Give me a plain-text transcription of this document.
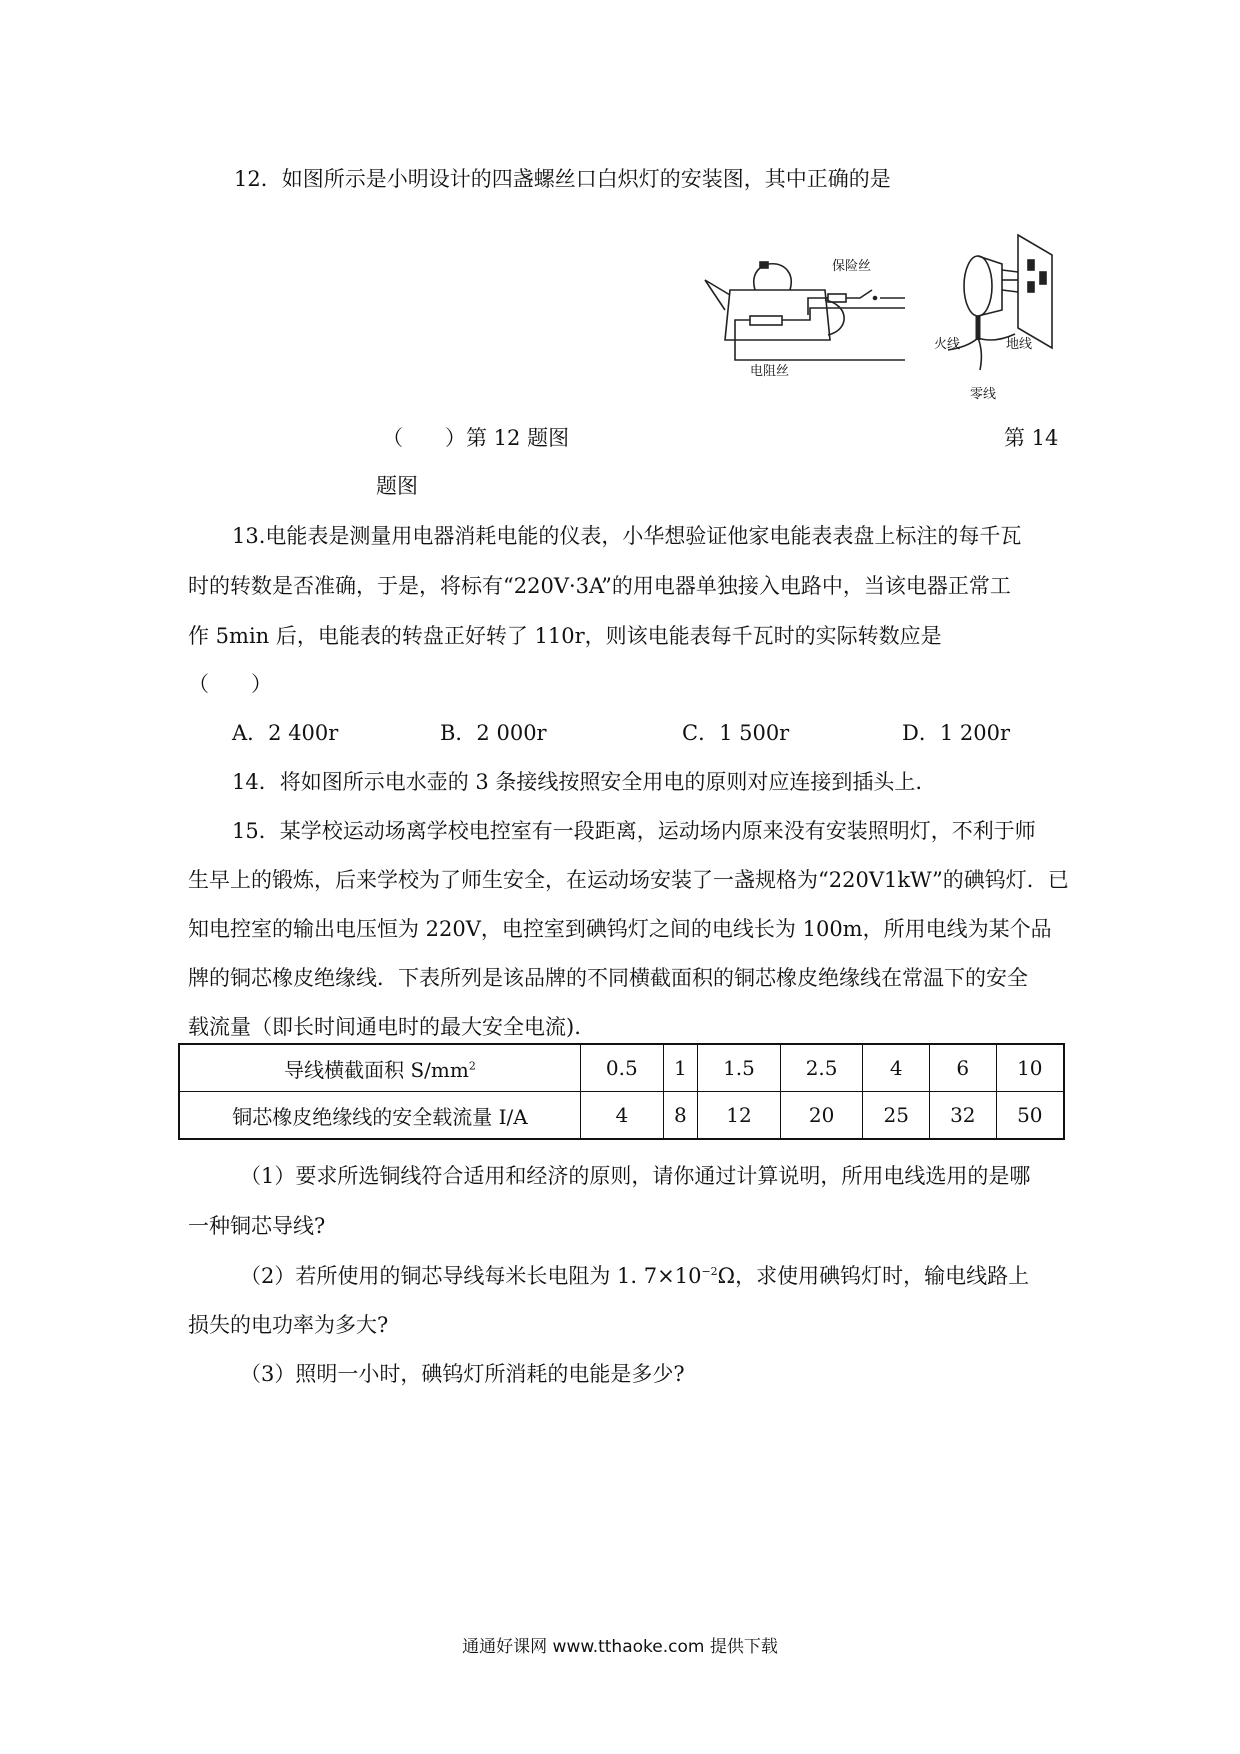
12．如图所示是小明设计的四盏螺丝口白炽灯的安装图，其中正确的是
保险丝
电阻丝
火线	地线
零线
（　　）第 12 题图	第 14
题图
13.电能表是测量用电器消耗电能的仪表，小华想验证他家电能表表盘上标注的每千瓦
时的转数是否准确，于是，将标有“220V·3A”的用电器单独接入电路中，当该电器正常工
作 5min 后，电能表的转盘正好转了 110r，则该电能表每千瓦时的实际转数应是
（　　）
A．2 400r	B．2 000r	C．1 500r	D．1 200r
14．将如图所示电水壶的 3 条接线按照安全用电的原则对应连接到插头上.
15．某学校运动场离学校电控室有一段距离，运动场内原来没有安装照明灯，不利于师
生早上的锻炼，后来学校为了师生安全，在运动场安装了一盏规格为“220V1kW”的碘钨灯．已
知电控室的输出电压恒为 220V，电控室到碘钨灯之间的电线长为 100m，所用电线为某个品
牌的铜芯橡皮绝缘线．下表所列是该品牌的不同横截面积的铜芯橡皮绝缘线在常温下的安全
载流量（即长时间通电时的最大安全电流).
导线横截面积 $S/mm^2$	0.5	1	1.5	2.5	4	6	10
铜芯橡皮绝缘线的安全载流量 I/A	4	8	12	20	25	32	50
（1）要求所选铜线符合适用和经济的原则，请你通过计算说明，所用电线选用的是哪
一种铜芯导线?
（2）若所使用的铜芯导线每米长电阻为 1. $7\times 10^{-2}\Omega$，求使用碘钨灯时，输电线路上
损失的电功率为多大?
（3）照明一小时，碘钨灯所消耗的电能是多少?
通通好课网 www.tthaoke.com 提供下载
